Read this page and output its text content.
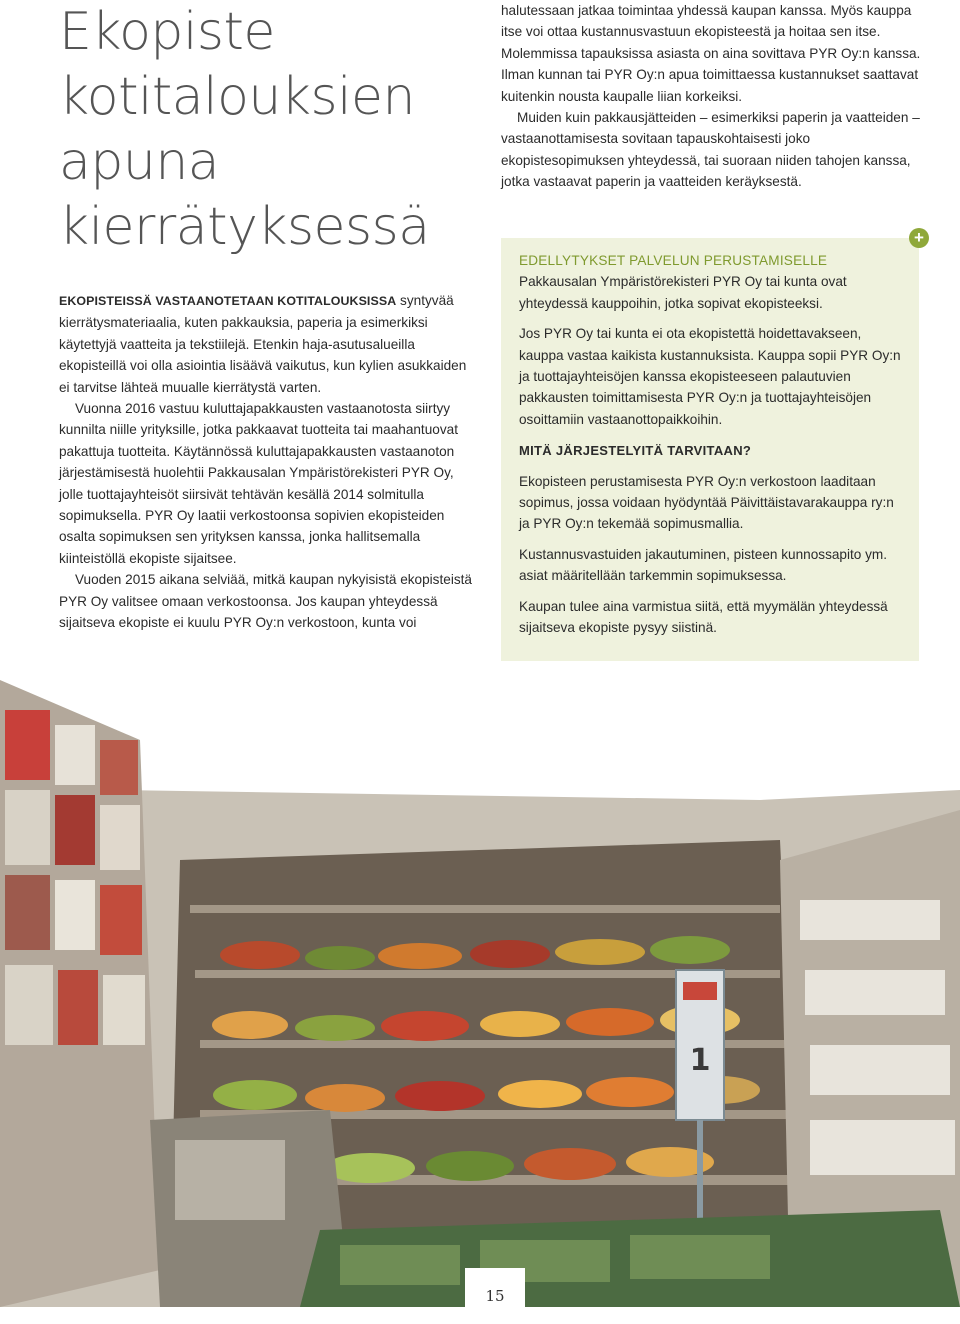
Ekopiste
kotitalouksien
apuna
kierrätyksessä

EKOPISTEISSÄ VASTAANOTETAAN KOTITALOUKSISSA syntyvää kierrätysmateriaalia, kuten pakkauksia, paperia ja esimerkiksi käytettyjä vaatteita ja tekstiilejä. Etenkin haja-asutusalueilla ekopisteillä voi olla asiointia lisäävä vaikutus, kun kylien asukkaiden ei tarvitse lähteä muualle kierrätystä varten.

Vuonna 2016 vastuu kuluttajapakkausten vastaanotosta siirtyy kunnilta niille yrityksille, jotka pakkaavat tuotteita tai maahantuovat pakattuja tuotteita. Käytännössä kuluttajapakkausten vastaanoton järjestämisestä huolehtii Pakkausalan Ympäristörekisteri PYR Oy, jolle tuottajayhteisöt siirsivät tehtävän kesällä 2014 solmitulla sopimuksella. PYR Oy laatii verkostoonsa sopivien ekopisteiden osalta sopimuksen sen yrityksen kanssa, jonka hallitsemalla kiinteistöllä ekopiste sijaitsee.

Vuoden 2015 aikana selviää, mitkä kaupan nykyisistä ekopisteistä PYR Oy valitsee omaan verkostoonsa. Jos kaupan yhteydessä sijaitseva ekopiste ei kuulu PYR Oy:n verkostoon, kunta voi

halutessaan jatkaa toimintaa yhdessä kaupan kanssa. Myös kauppa itse voi ottaa kustannusvastuun ekopisteestä ja hoitaa sen itse. Molemmissa tapauksissa asiasta on aina sovittava PYR Oy:n kanssa. Ilman kunnan tai PYR Oy:n apua toimittaessa kustannukset saattavat kuitenkin nousta kaupalle liian korkeiksi.

Muiden kuin pakkausjätteiden – esimerkiksi paperin ja vaatteiden – vastaanottamisesta sovitaan tapauskohtaisesti joko ekopistesopimuksen yhteydessä, tai suoraan niiden tahojen kanssa, jotka vastaavat paperin ja vaatteiden keräyksestä.

EDELLYTYKSET PALVELUN PERUSTAMISELLE

Pakkausalan Ympäristörekisteri PYR Oy tai kunta ovat yhteydessä kauppoihin, jotka sopivat ekopisteeksi.

Jos PYR Oy tai kunta ei ota ekopistettä hoidettavakseen, kauppa vastaa kaikista kustannuksista. Kauppa sopii PYR Oy:n ja tuottajayhteisöjen kanssa ekopisteeseen palautuvien pakkausten toimittamisesta PYR Oy:n ja tuottajayhteisöjen osoittamiin vastaanottopaikkoihin.

MITÄ JÄRJESTELYITÄ TARVITAAN?

Ekopisteen perustamisesta PYR Oy:n verkostoon laaditaan sopimus, jossa voidaan hyödyntää Päivittäistavarakauppa ry:n ja PYR Oy:n tekemää sopimusmallia.

Kustannusvastuiden jakautuminen, pisteen kunnossapito ym. asiat määritellään tarkemmin sopimuksessa.

Kaupan tulee aina varmistua siitä, että myymälän yhteydessä sijaitseva ekopiste pysyy siistinä.

+
1
15
